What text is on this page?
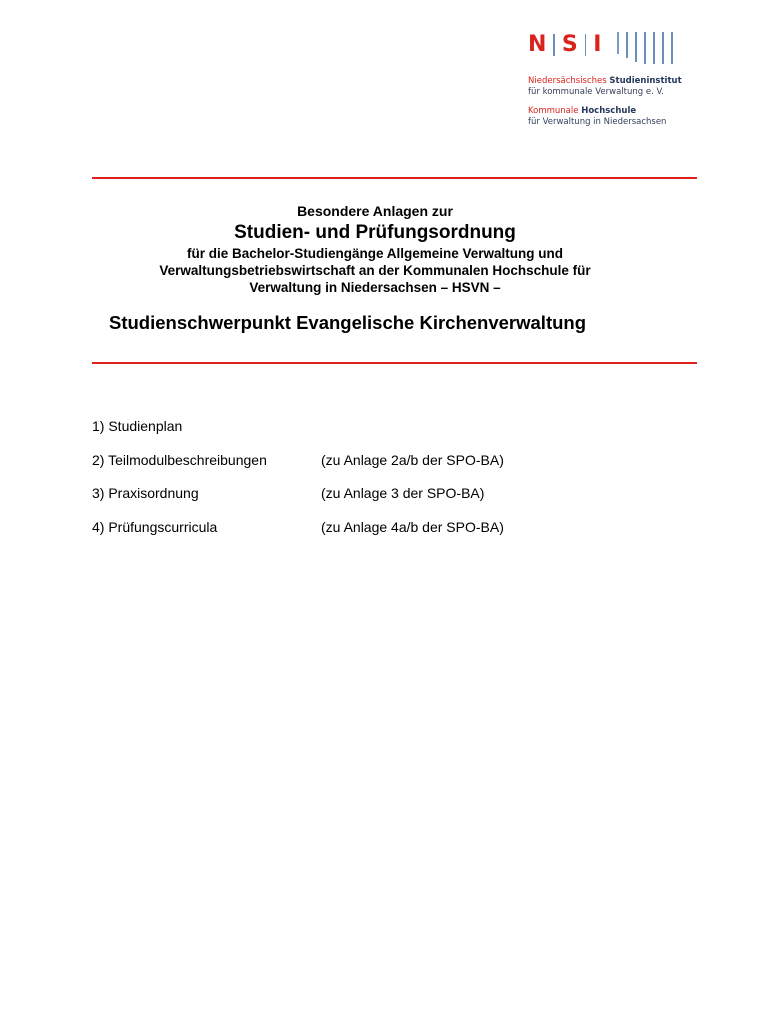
N S I
Niedersächsisches Studieninstitut
für kommunale Verwaltung e. V.
Kommunale Hochschule
für Verwaltung in Niedersachsen
Besondere Anlagen zur
Studien- und Prüfungsordnung
für die Bachelor-Studiengänge Allgemeine Verwaltung und
Verwaltungsbetriebswirtschaft an der Kommunalen Hochschule für
Verwaltung in Niedersachsen – HSVN –
Studienschwerpunkt Evangelische Kirchenverwaltung
1) Studienplan
2) Teilmodulbeschreibungen	(zu Anlage 2a/b der SPO-BA)
3) Praxisordnung	(zu Anlage 3 der SPO-BA)
4) Prüfungscurricula	(zu Anlage 4a/b der SPO-BA)
